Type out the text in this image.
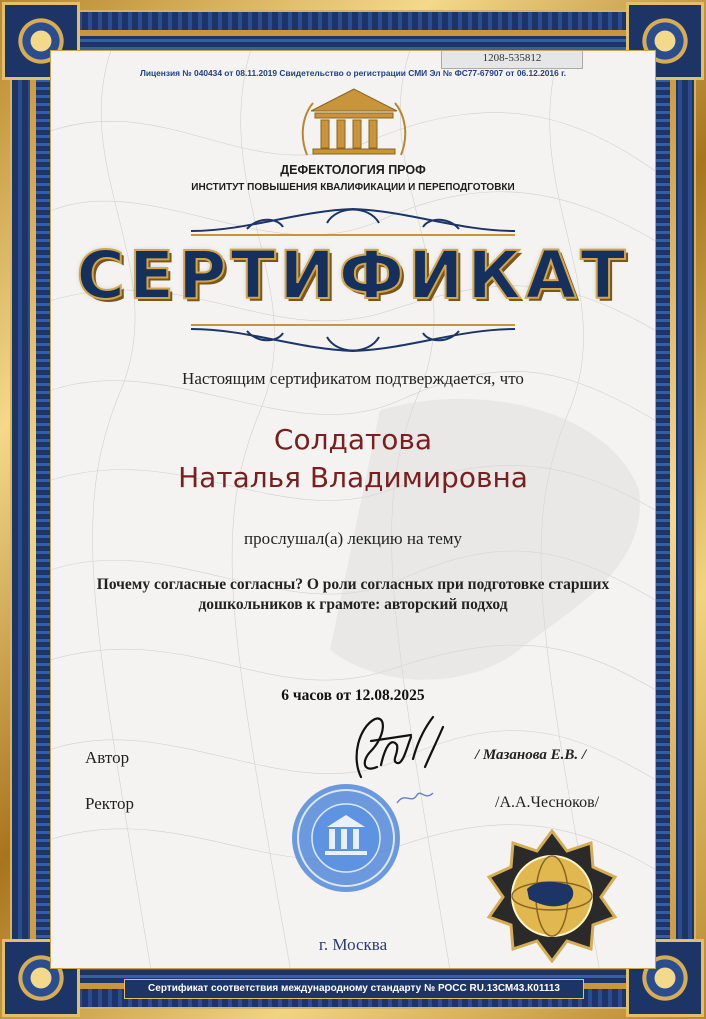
1208-535812
Лицензия № 040434 от 08.11.2019 Свидетельство о регистрации СМИ Эл № ФС77-67907 от 06.12.2016 г.
ДЕФЕКТОЛОГИЯ ПРОФ
ИНСТИТУТ ПОВЫШЕНИЯ КВАЛИФИКАЦИИ И ПЕРЕПОДГОТОВКИ
СЕРТИФИКАТ
Настоящим сертификатом подтверждается, что
Солдатова
Наталья Владимировна
прослушал(а) лекцию на тему
Почему согласные согласны? О роли согласных при подготовке старших дошкольников к грамоте: авторский подход
6 часов от 12.08.2025
Автор	/ Мазанова Е.В. /
Ректор	/А.А.Чесноков/
г. Москва
Сертификат соответствия международному стандарту № РОСС RU.13СМ43.К01113
